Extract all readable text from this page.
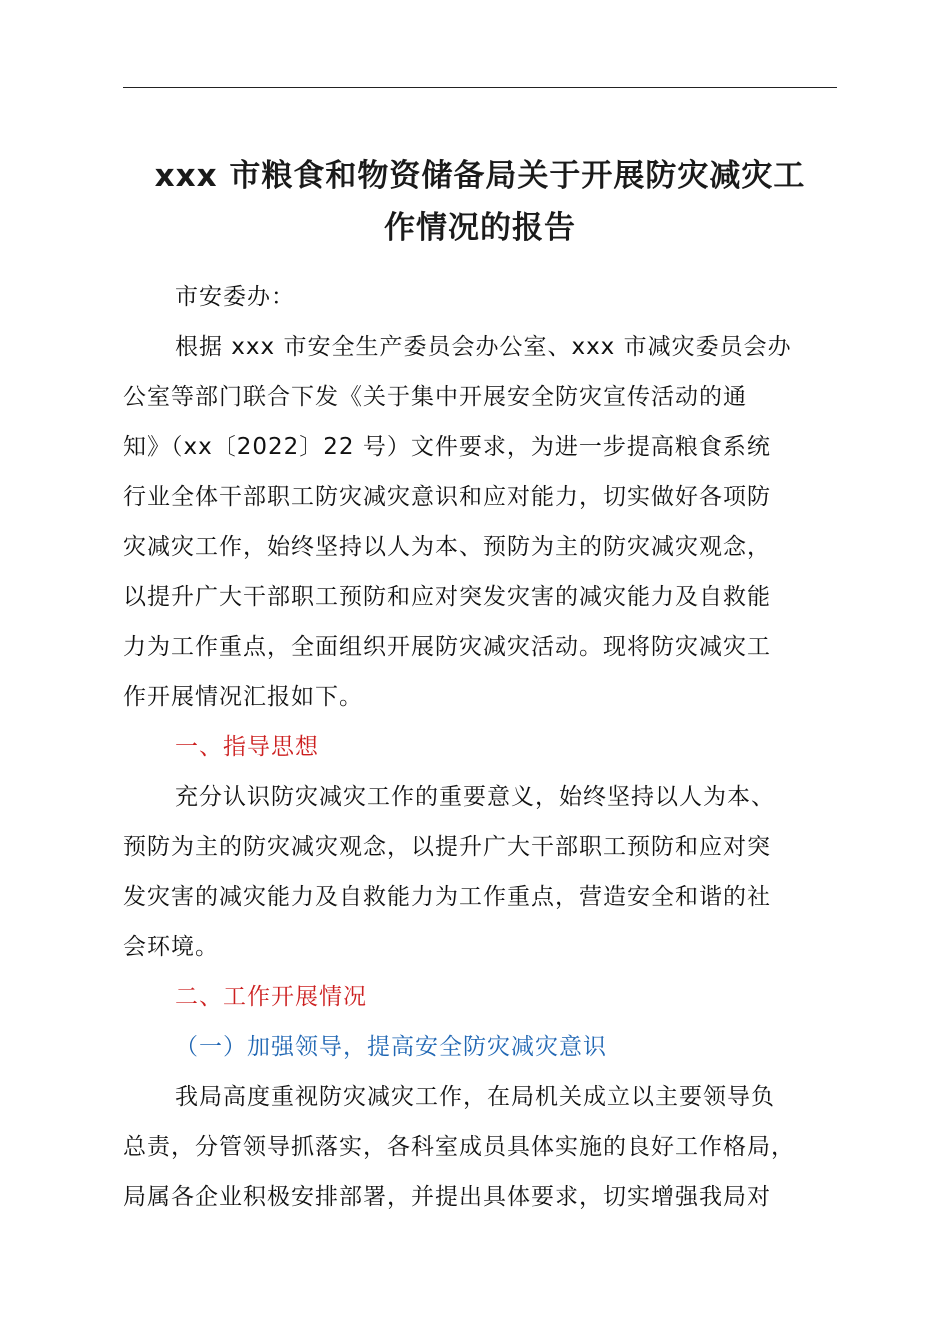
xxx 市粮食和物资储备局关于开展防灾减灾工
作情况的报告
市安委办：
根据 xxx 市安全生产委员会办公室、xxx 市减灾委员会办
公室等部门联合下发《关于集中开展安全防灾宣传活动的通
知》（xx〔2022〕22 号）文件要求，为进一步提高粮食系统
行业全体干部职工防灾减灾意识和应对能力，切实做好各项防
灾减灾工作，始终坚持以人为本、预防为主的防灾减灾观念，
以提升广大干部职工预防和应对突发灾害的减灾能力及自救能
力为工作重点，全面组织开展防灾减灾活动。现将防灾减灾工
作开展情况汇报如下。
一、指导思想
充分认识防灾减灾工作的重要意义，始终坚持以人为本、
预防为主的防灾减灾观念，以提升广大干部职工预防和应对突
发灾害的减灾能力及自救能力为工作重点，营造安全和谐的社
会环境。
二、工作开展情况
（一）加强领导，提高安全防灾减灾意识
我局高度重视防灾减灾工作，在局机关成立以主要领导负
总责，分管领导抓落实，各科室成员具体实施的良好工作格局，
局属各企业积极安排部署，并提出具体要求，切实增强我局对
